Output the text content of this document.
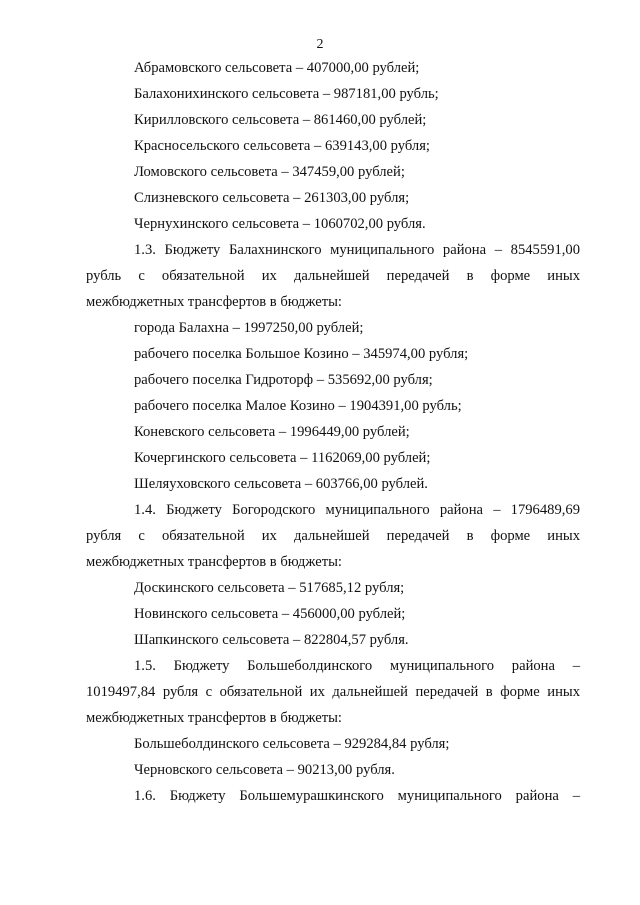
2
Абрамовского сельсовета – 407000,00 рублей;
Балахонихинского сельсовета – 987181,00 рубль;
Кирилловского сельсовета – 861460,00 рублей;
Красносельского сельсовета – 639143,00 рубля;
Ломовского сельсовета – 347459,00 рублей;
Слизневского сельсовета – 261303,00 рубля;
Чернухинского сельсовета – 1060702,00 рубля.
1.3. Бюджету Балахнинского муниципального района – 8545591,00
рубль с обязательной их дальнейшей передачей в форме иных
межбюджетных трансфертов в бюджеты:
города Балахна – 1997250,00 рублей;
рабочего поселка Большое Козино – 345974,00 рубля;
рабочего поселка Гидроторф – 535692,00 рубля;
рабочего поселка Малое Козино – 1904391,00 рубль;
Коневского сельсовета – 1996449,00 рублей;
Кочергинского сельсовета – 1162069,00 рублей;
Шеляуховского сельсовета – 603766,00 рублей.
1.4. Бюджету Богородского муниципального района – 1796489,69
рубля с обязательной их дальнейшей передачей в форме иных
межбюджетных трансфертов в бюджеты:
Доскинского сельсовета – 517685,12 рубля;
Новинского сельсовета – 456000,00 рублей;
Шапкинского сельсовета – 822804,57 рубля.
1.5. Бюджету Большеболдинского муниципального района –
1019497,84 рубля с обязательной их дальнейшей передачей в форме иных
межбюджетных трансфертов в бюджеты:
Большеболдинского сельсовета – 929284,84 рубля;
Черновского сельсовета – 90213,00 рубля.
1.6. Бюджету Большемурашкинского муниципального района –
